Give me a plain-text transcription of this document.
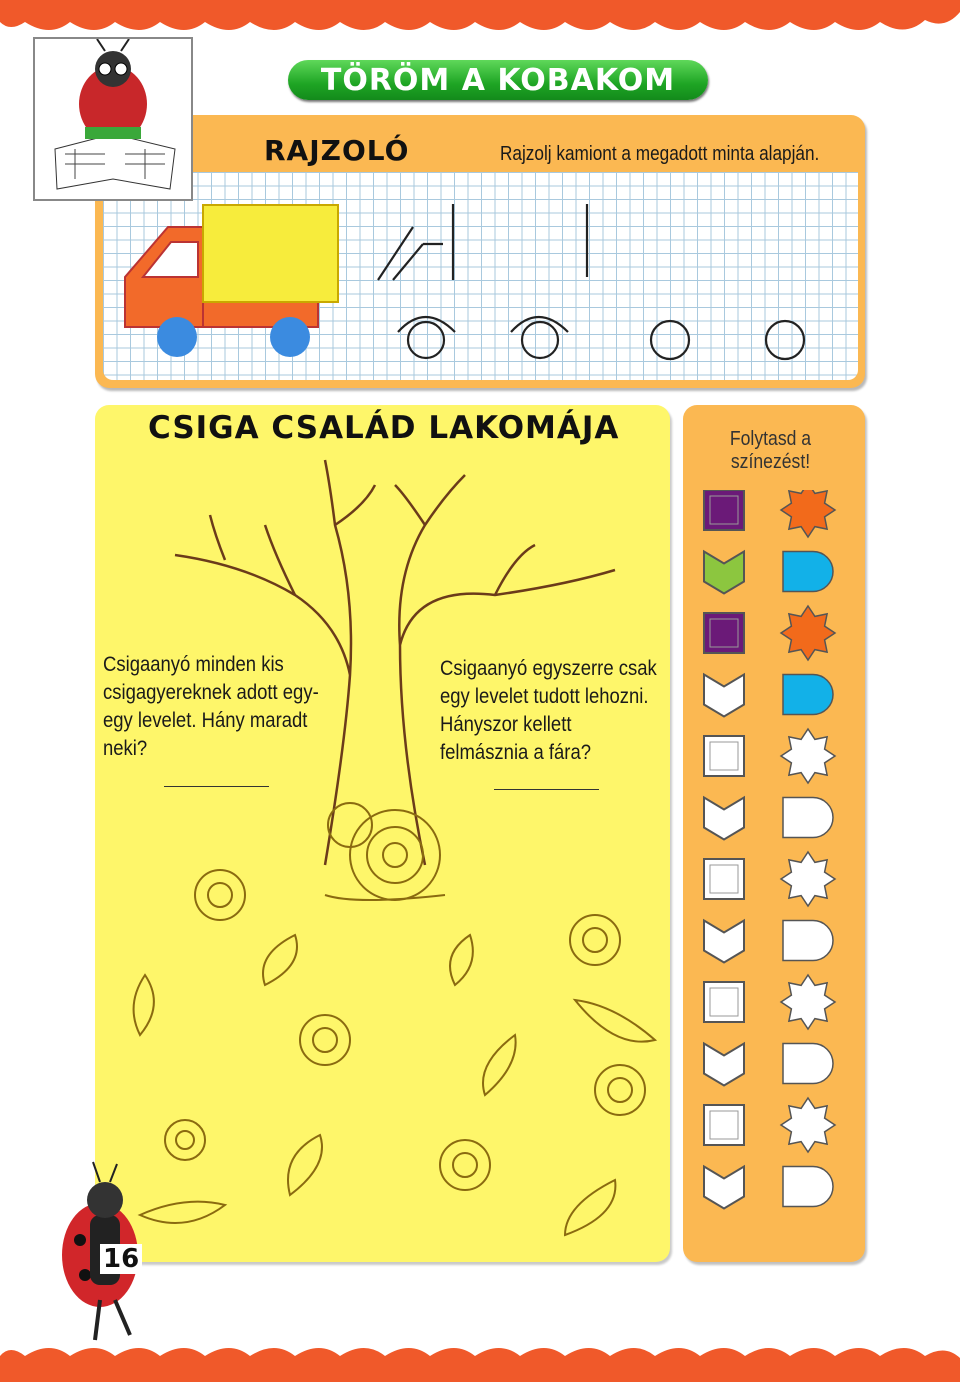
TÖRÖM A KOBAKOM
RAJZOLÓ	Rajzolj kamiont a megadott minta alapján.
CSIGA CSALÁD LAKOMÁJA
Csigaanyó minden kis csigagyereknek adott egy-egy levelet. Hány maradt neki?
Csigaanyó egyszerre csak egy levelet tudott lehozni. Hányszor kellett felmásznia a fára?
Folytasd a színezést!
16
